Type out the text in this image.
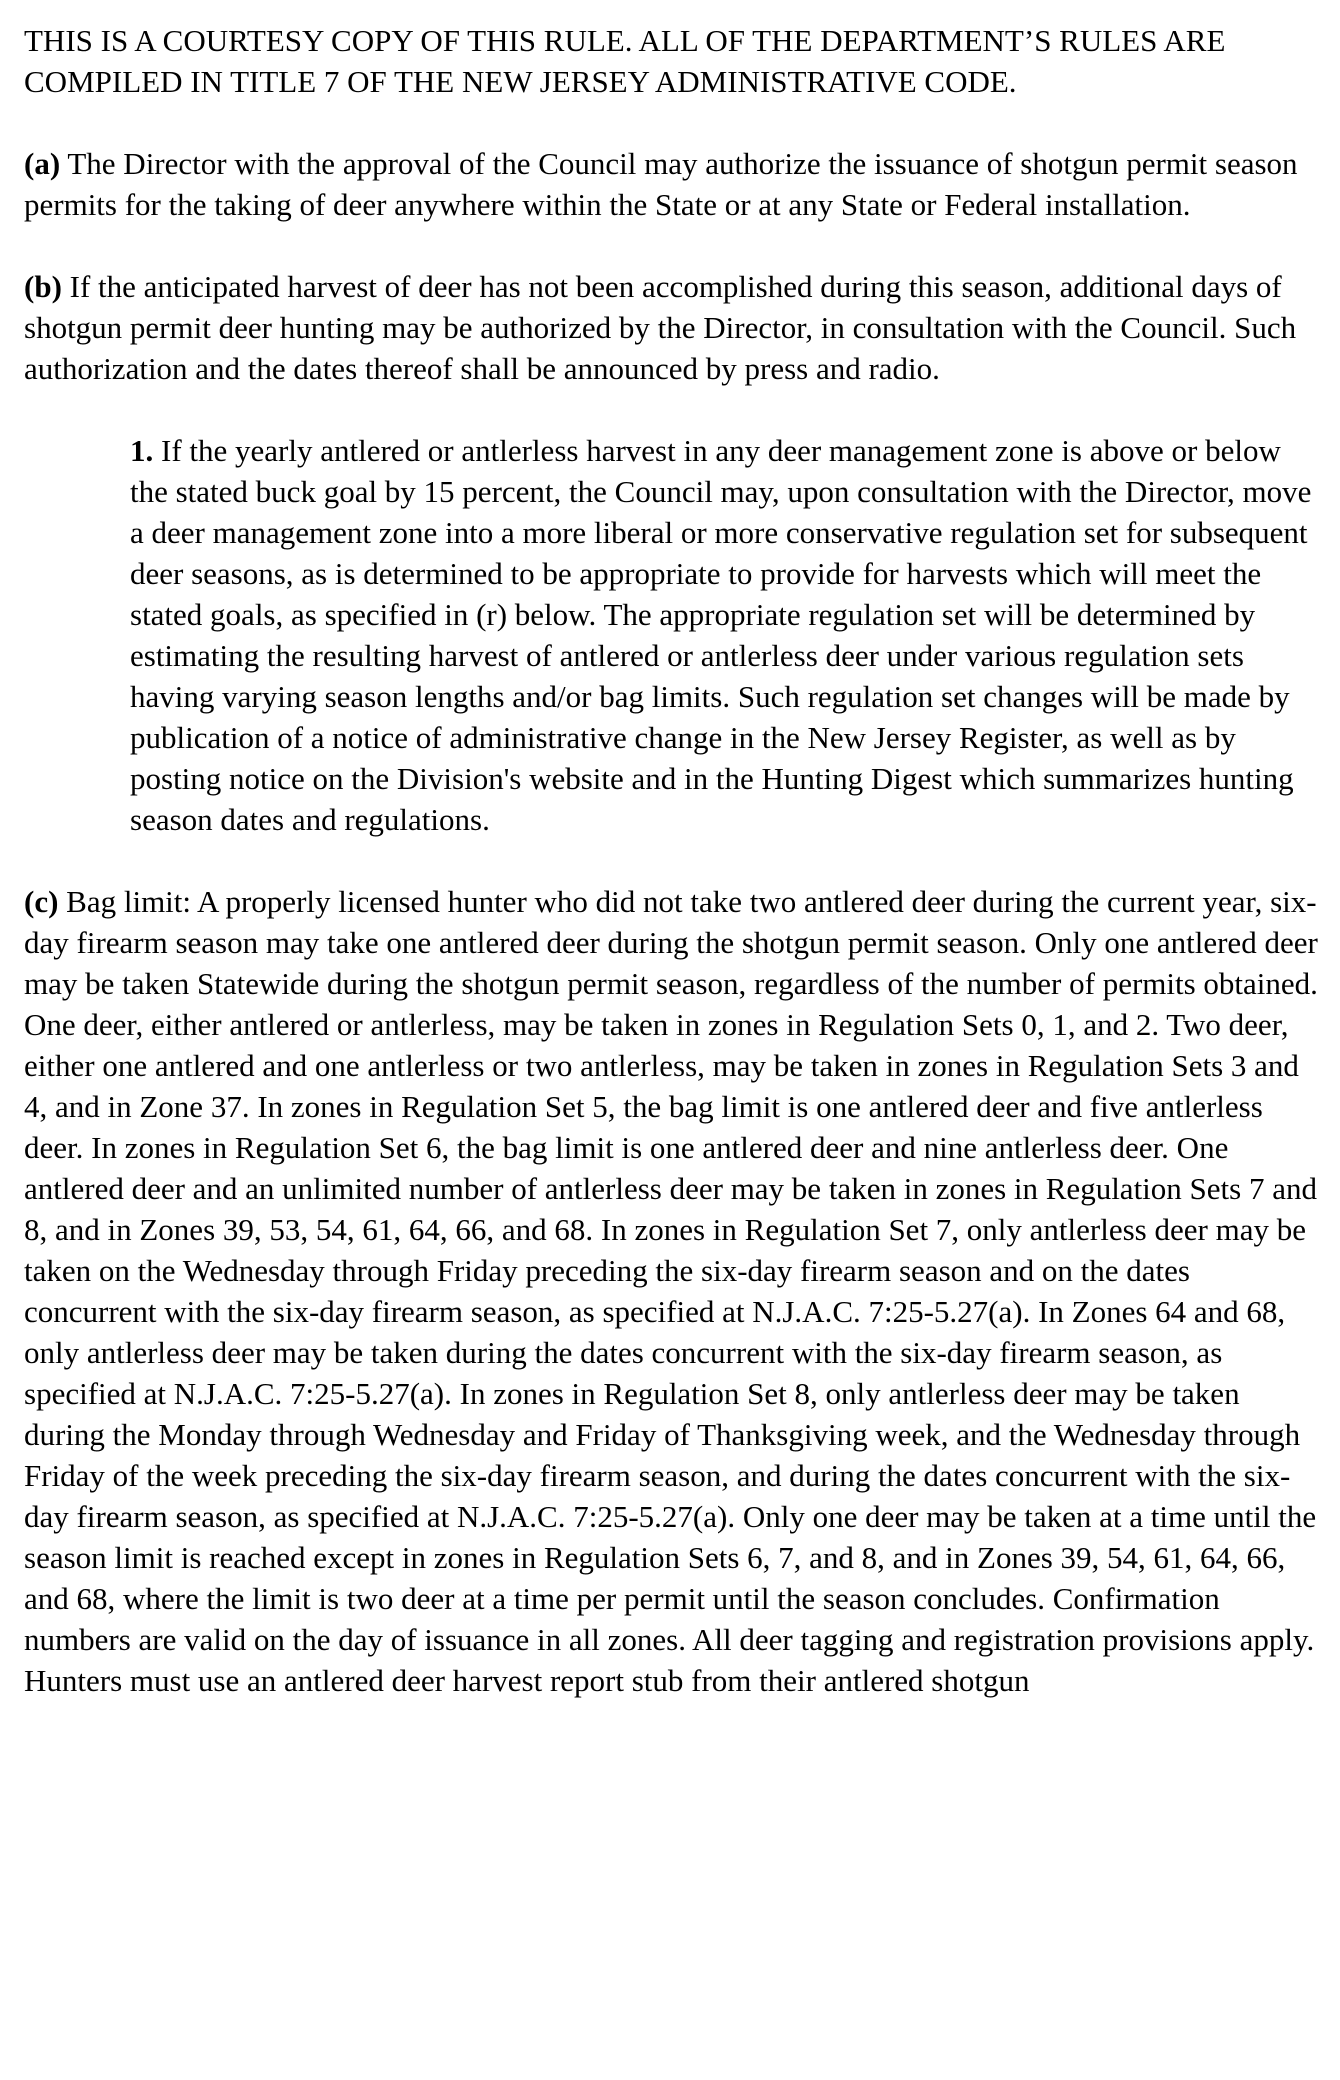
THIS IS A COURTESY COPY OF THIS RULE. ALL OF THE DEPARTMENT’S RULES ARE COMPILED IN TITLE 7 OF THE NEW JERSEY ADMINISTRATIVE CODE.

(a) The Director with the approval of the Council may authorize the issuance of shotgun permit season permits for the taking of deer anywhere within the State or at any State or Federal installation.

(b) If the anticipated harvest of deer has not been accomplished during this season, additional days of shotgun permit deer hunting may be authorized by the Director, in consultation with the Council. Such authorization and the dates thereof shall be announced by press and radio.

1. If the yearly antlered or antlerless harvest in any deer management zone is above or below the stated buck goal by 15 percent, the Council may, upon consultation with the Director, move a deer management zone into a more liberal or more conservative regulation set for subsequent deer seasons, as is determined to be appropriate to provide for harvests which will meet the stated goals, as specified in (r) below. The appropriate regulation set will be determined by estimating the resulting harvest of antlered or antlerless deer under various regulation sets having varying season lengths and/or bag limits. Such regulation set changes will be made by publication of a notice of administrative change in the New Jersey Register, as well as by posting notice on the Division's website and in the Hunting Digest which summarizes hunting season dates and regulations.

(c) Bag limit: A properly licensed hunter who did not take two antlered deer during the current year, six-day firearm season may take one antlered deer during the shotgun permit season. Only one antlered deer may be taken Statewide during the shotgun permit season, regardless of the number of permits obtained. One deer, either antlered or antlerless, may be taken in zones in Regulation Sets 0, 1, and 2. Two deer, either one antlered and one antlerless or two antlerless, may be taken in zones in Regulation Sets 3 and 4, and in Zone 37. In zones in Regulation Set 5, the bag limit is one antlered deer and five antlerless deer. In zones in Regulation Set 6, the bag limit is one antlered deer and nine antlerless deer. One antlered deer and an unlimited number of antlerless deer may be taken in zones in Regulation Sets 7 and 8, and in Zones 39, 53, 54, 61, 64, 66, and 68. In zones in Regulation Set 7, only antlerless deer may be taken on the Wednesday through Friday preceding the six-day firearm season and on the dates concurrent with the six-day firearm season, as specified at N.J.A.C. 7:25-5.27(a). In Zones 64 and 68, only antlerless deer may be taken during the dates concurrent with the six-day firearm season, as specified at N.J.A.C. 7:25-5.27(a). In zones in Regulation Set 8, only antlerless deer may be taken during the Monday through Wednesday and Friday of Thanksgiving week, and the Wednesday through Friday of the week preceding the six-day firearm season, and during the dates concurrent with the six-day firearm season, as specified at N.J.A.C. 7:25-5.27(a). Only one deer may be taken at a time until the season limit is reached except in zones in Regulation Sets 6, 7, and 8, and in Zones 39, 54, 61, 64, 66, and 68, where the limit is two deer at a time per permit until the season concludes. Confirmation numbers are valid on the day of issuance in all zones. All deer tagging and registration provisions apply. Hunters must use an antlered deer harvest report stub from their antlered shotgun
